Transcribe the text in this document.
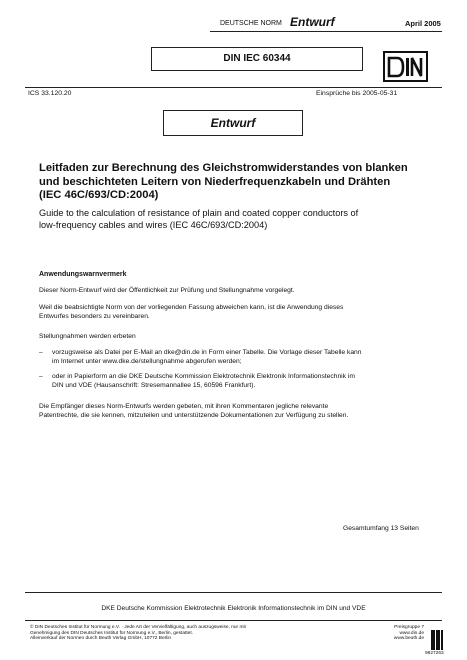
DEUTSCHE NORM Entwurf	April 2005
DIN IEC 60344
ICS 33.120.20	Einsprüche bis 2005-05-31
Entwurf
Leitfaden zur Berechnung des Gleichstromwiderstandes von blanken
und beschichteten Leitern von Niederfrequenzkabeln und Drähten
(IEC 46C/693/CD:2004)
Guide to the calculation of resistance of plain and coated copper conductors of
low-frequency cables and wires (IEC 46C/693/CD:2004)
Anwendungswarnvermerk
Dieser Norm-Entwurf wird der Öffentlichkeit zur Prüfung und Stellungnahme vorgelegt.
Weil die beabsichtigte Norm von der vorliegenden Fassung abweichen kann, ist die Anwendung dieses
Entwurfes besonders zu vereinbaren.
Stellungnahmen werden erbeten
– vorzugsweise als Datei per E-Mail an dke@din.de in Form einer Tabelle. Die Vorlage dieser Tabelle kann
im Internet unter www.dke.de/stellungnahme abgerufen werden;
– oder in Papierform an die DKE Deutsche Kommission Elektrotechnik Elektronik Informationstechnik im
DIN und VDE (Hausanschrift: Stresemannallee 15, 60596 Frankfurt).
Die Empfänger dieses Norm-Entwurfs werden gebeten, mit ihren Kommentaren jegliche relevante
Patentrechte, die sie kennen, mitzuteilen und unterstützende Dokumentationen zur Verfügung zu stellen.
Gesamtumfang 13 Seiten
DKE Deutsche Kommission Elektrotechnik Elektronik Informationstechnik im DIN und VDE
© DIN Deutsches Institut für Normung e.V. · Jede Art der Vervielfältigung, auch auszugsweise, nur mit
Genehmigung des DIN Deutsches Institut für Normung e.V., Berlin, gestattet.
Alleinverkauf der Normen durch Beuth Verlag GmbH, 10772 Berlin
Preisgruppe 7
www.din.de
www.beuth.de
9827263
